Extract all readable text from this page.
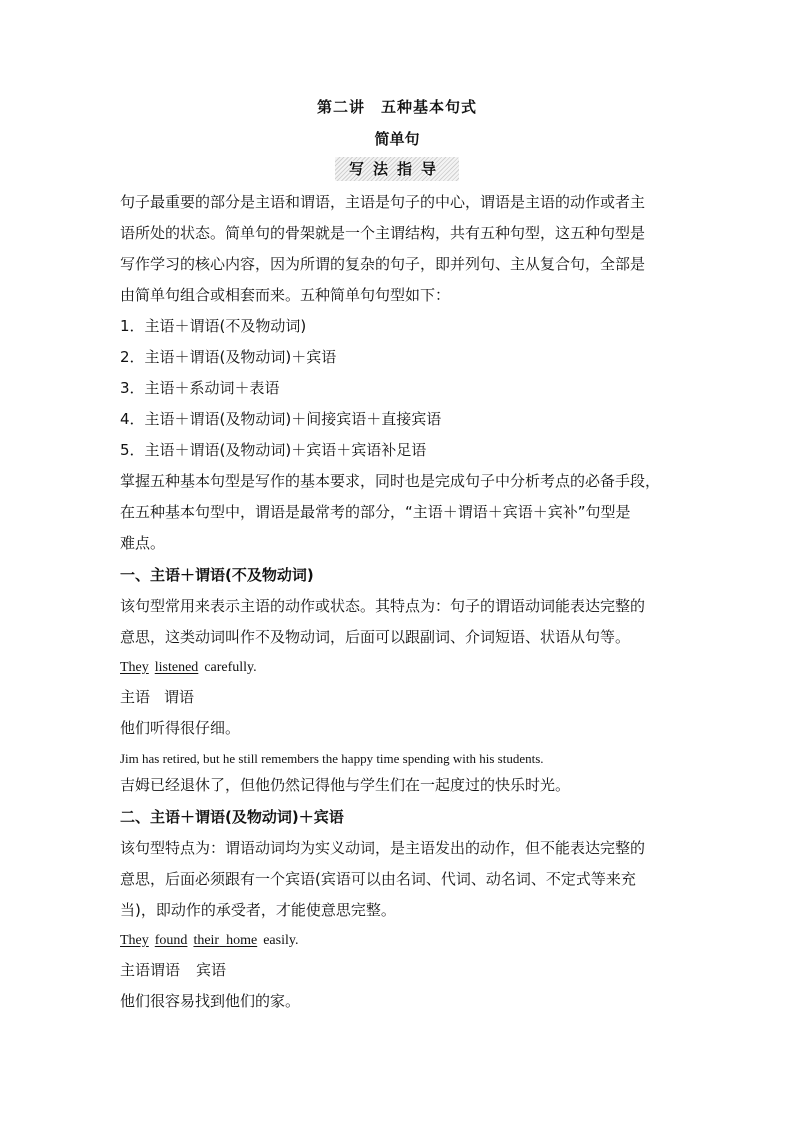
第二讲　五种基本句式
简单句
写法指导
句子最重要的部分是主语和谓语，主语是句子的中心，谓语是主语的动作或者主
语所处的状态。简单句的骨架就是一个主谓结构，共有五种句型，这五种句型是
写作学习的核心内容，因为所谓的复杂的句子，即并列句、主从复合句，全部是
由简单句组合或相套而来。五种简单句句型如下：
1．主语＋谓语(不及物动词)
2．主语＋谓语(及物动词)＋宾语
3．主语＋系动词＋表语
4．主语＋谓语(及物动词)＋间接宾语＋直接宾语
5．主语＋谓语(及物动词)＋宾语＋宾语补足语
掌握五种基本句型是写作的基本要求，同时也是完成句子中分析考点的必备手段，
在五种基本句型中，谓语是最常考的部分，“主语＋谓语＋宾语＋宾补”句型是
难点。
一、主语＋谓语(不及物动词)
该句型常用来表示主语的动作或状态。其特点为：句子的谓语动词能表达完整的
意思，这类动词叫作不及物动词，后面可以跟副词、介词短语、状语从句等。
They listened carefully.
主语 谓语
他们听得很仔细。
Jim has retired, but he still remembers the happy time spending with his students.
吉姆已经退休了，但他仍然记得他与学生们在一起度过的快乐时光。
二、主语＋谓语(及物动词)＋宾语
该句型特点为：谓语动词均为实义动词，是主语发出的动作，但不能表达完整的
意思，后面必须跟有一个宾语(宾语可以由名词、代词、动名词、不定式等来充
当)，即动作的承受者，才能使意思完整。
They found their home easily.
主语谓语 宾语
他们很容易找到他们的家。
